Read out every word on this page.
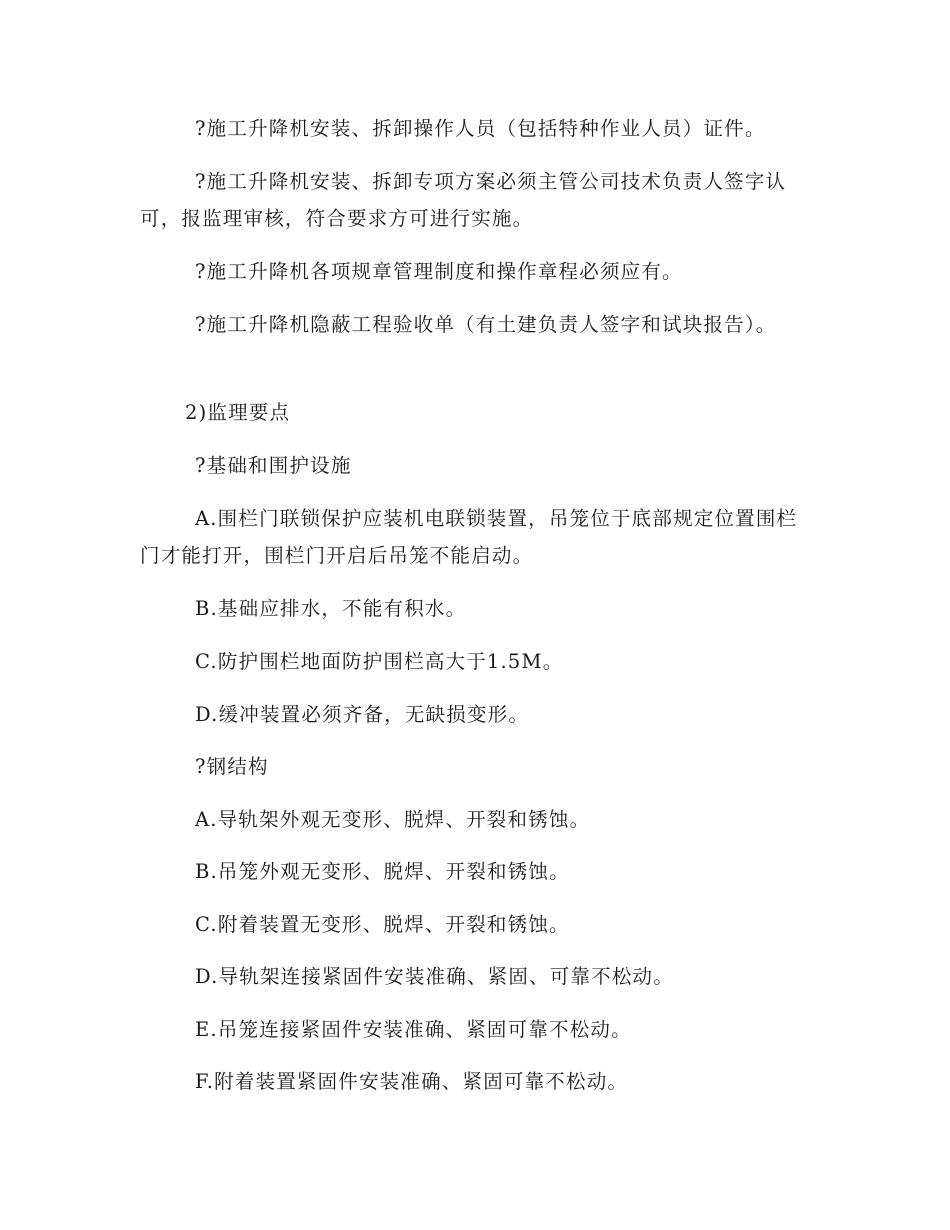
?施工升降机安装、拆卸操作人员（包括特种作业人员）证件。

?施工升降机安装、拆卸专项方案必须主管公司技术负责人签字认可，报监理审核，符合要求方可进行实施。

?施工升降机各项规章管理制度和操作章程必须应有。

?施工升降机隐蔽工程验收单（有土建负责人签字和试块报告）。

2)监理要点

?基础和围护设施

A.围栏门联锁保护应装机电联锁装置，吊笼位于底部规定位置围栏门才能打开，围栏门开启后吊笼不能启动。

B.基础应排水，不能有积水。

C.防护围栏地面防护围栏高大于1.5M。

D.缓冲装置必须齐备，无缺损变形。

?钢结构

A.导轨架外观无变形、脱焊、开裂和锈蚀。

B.吊笼外观无变形、脱焊、开裂和锈蚀。

C.附着装置无变形、脱焊、开裂和锈蚀。

D.导轨架连接紧固件安装准确、紧固、可靠不松动。

E.吊笼连接紧固件安装准确、紧固可靠不松动。

F.附着装置紧固件安装准确、紧固可靠不松动。
